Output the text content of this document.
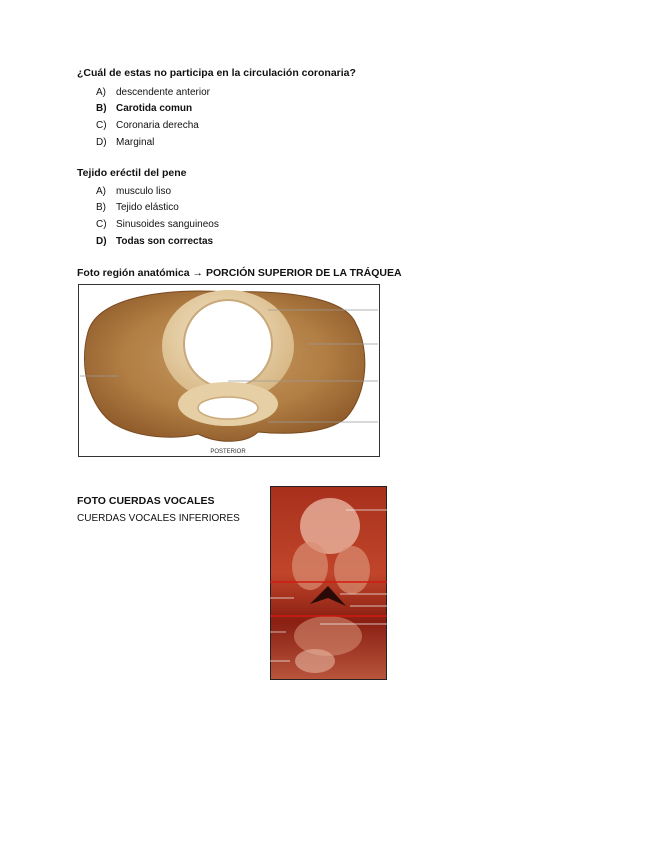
¿Cuál de estas no participa en la circulación coronaria?
A)	descendente anterior
B) Carotida comun
C) Coronaria derecha
D) Marginal
Tejido eréctil del pene
A)	musculo liso
B)	Tejido elástico
C) Sinusoides sanguineos
D) Todas son correctas
Foto región anatómica → PORCIÓN SUPERIOR DE LA TRÁQUEA
POSTERIOR
FOTO CUERDAS VOCALES
CUERDAS VOCALES INFERIORES
